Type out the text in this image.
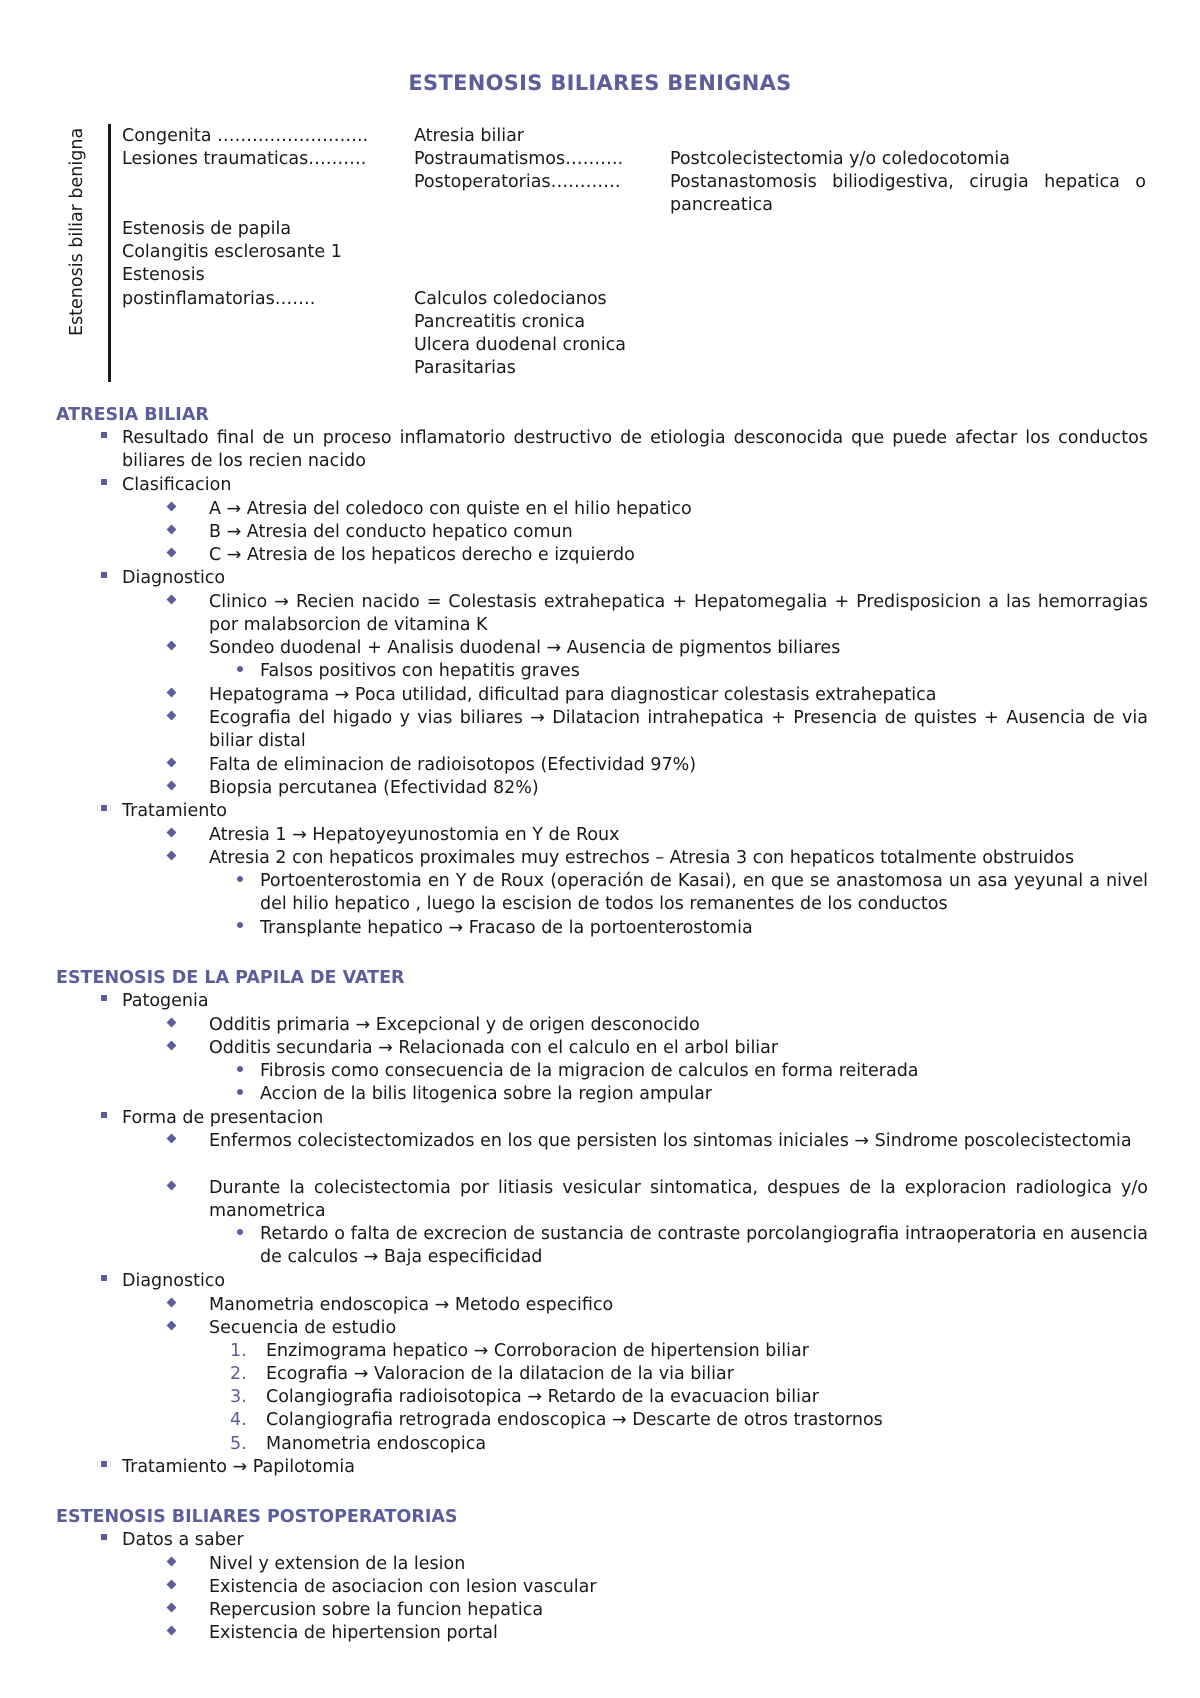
ESTENOSIS BILIARES BENIGNAS
Estenosis biliar benigna Congenita ……………………..
Lesiones traumaticas……….
Estenosis de papila
Colangitis esclerosante 1
Estenosis
postinflamatorias…….
Atresia biliar
Postraumatismos……….
Postoperatorias…………
Calculos coledocianos
Pancreatitis cronica
Ulcera duodenal cronica
Parasitarias
Postcolecistectomia y/o coledocotomia
Postanastomosis biliodigestiva, cirugia hepatica o pancreatica
ATRESIA BILIAR
Resultado final de un proceso inflamatorio destructivo de etiologia desconocida que puede afectar los conductos biliares de los recien nacido
Clasificacion
A → Atresia del coledoco con quiste en el hilio hepatico
B → Atresia del conducto hepatico comun
C → Atresia de los hepaticos derecho e izquierdo
Diagnostico
Clinico → Recien nacido = Colestasis extrahepatica + Hepatomegalia + Predisposicion a las hemorragias por malabsorcion de vitamina K
Sondeo duodenal + Analisis duodenal → Ausencia de pigmentos biliares
Falsos positivos con hepatitis graves
Hepatograma → Poca utilidad, dificultad para diagnosticar colestasis extrahepatica
Ecografia del higado y vias biliares → Dilatacion intrahepatica + Presencia de quistes + Ausencia de via biliar distal
Falta de eliminacion de radioisotopos (Efectividad 97%)
Biopsia percutanea (Efectividad 82%)
Tratamiento
Atresia 1 → Hepatoyeyunostomia en Y de Roux
Atresia 2 con hepaticos proximales muy estrechos – Atresia 3 con hepaticos totalmente obstruidos
Portoenterostomia en Y de Roux (operación de Kasai), en que se anastomosa un asa yeyunal a nivel del hilio hepatico , luego la escision de todos los remanentes de los conductos
Transplante hepatico → Fracaso de la portoenterostomia
ESTENOSIS DE LA PAPILA DE VATER
Patogenia
Odditis primaria → Excepcional y de origen desconocido
Odditis secundaria → Relacionada con el calculo en el arbol biliar
Fibrosis como consecuencia de la migracion de calculos en forma reiterada
Accion de la bilis litogenica sobre la region ampular
Forma de presentacion
Enfermos colecistectomizados en los que persisten los sintomas iniciales → Sindrome poscolecistectomia
Durante la colecistectomia por litiasis vesicular sintomatica, despues de la exploracion radiologica y/o manometrica
Retardo o falta de excrecion de sustancia de contraste porcolangiografia intraoperatoria en ausencia de calculos → Baja especificidad
Diagnostico
Manometria endoscopica → Metodo especifico
Secuencia de estudio
1. Enzimograma hepatico → Corroboracion de hipertension biliar
2. Ecografia → Valoracion de la dilatacion de la via biliar
3. Colangiografia radioisotopica → Retardo de la evacuacion biliar
4. Colangiografia retrograda endoscopica → Descarte de otros trastornos
5. Manometria endoscopica
Tratamiento → Papilotomia
ESTENOSIS BILIARES POSTOPERATORIAS
Datos a saber
Nivel y extension de la lesion
Existencia de asociacion con lesion vascular
Repercusion sobre la funcion hepatica
Existencia de hipertension portal
